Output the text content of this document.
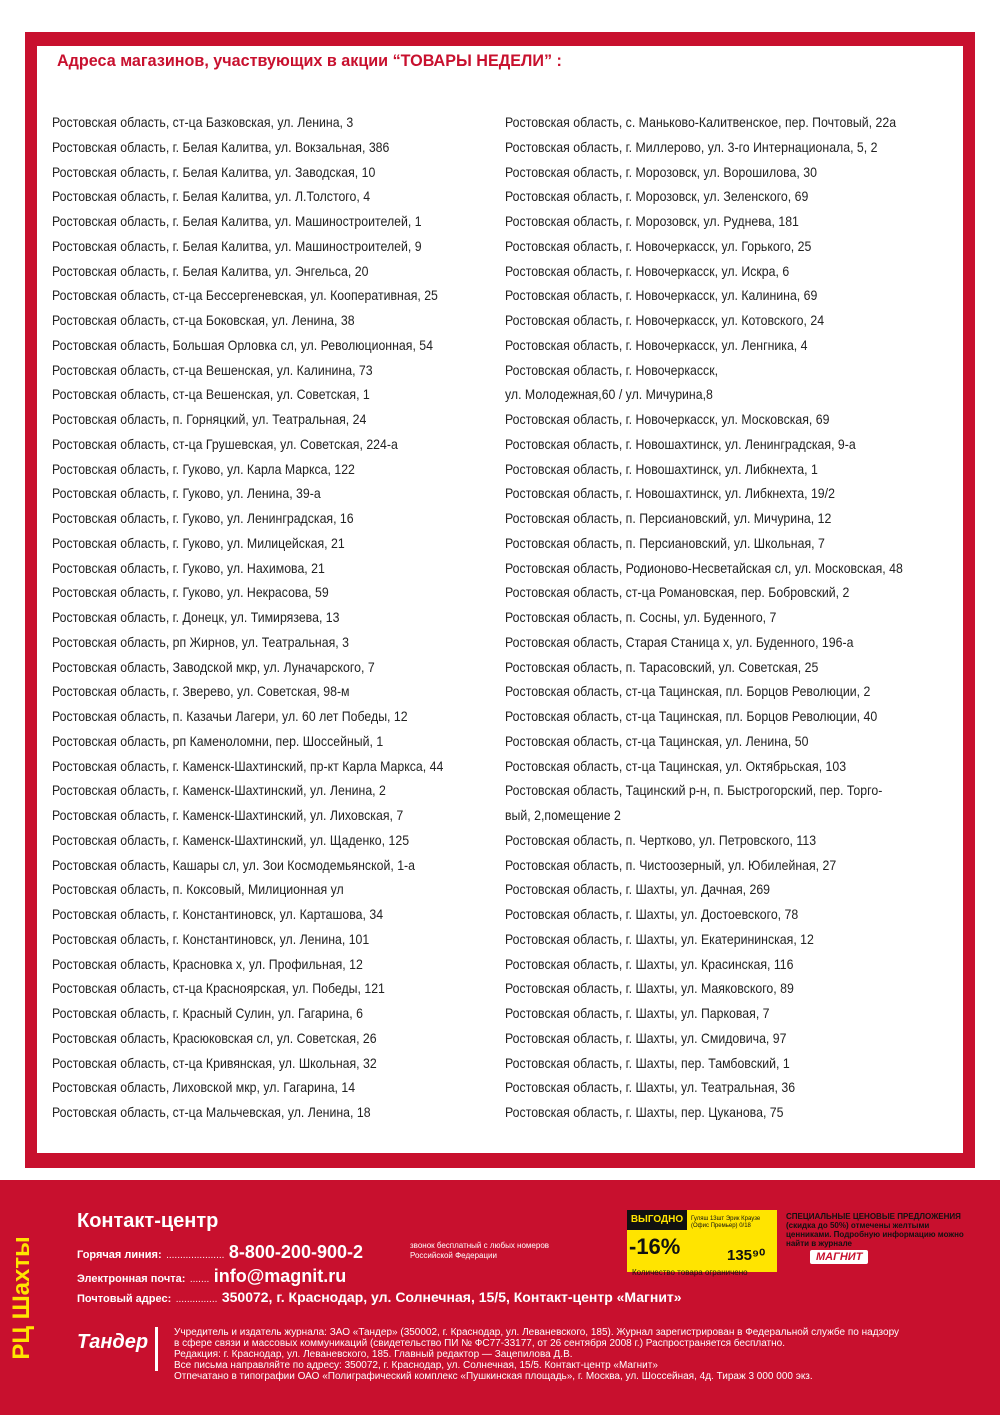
Адреса магазинов, участвующих в акции “ТОВАРЫ НЕДЕЛИ” :
Ростовская область, ст-ца Базковская, ул. Ленина, 3
Ростовская область, г. Белая Калитва, ул. Вокзальная, 386
Ростовская область, г. Белая Калитва, ул. Заводская, 10
Ростовская область, г. Белая Калитва, ул. Л.Толстого, 4
Ростовская область, г. Белая Калитва, ул. Машиностроителей, 1
Ростовская область, г. Белая Калитва, ул. Машиностроителей, 9
Ростовская область, г. Белая Калитва, ул. Энгельса, 20
Ростовская область, ст-ца Бессергеневская, ул. Кооперативная, 25
Ростовская область, ст-ца Боковская, ул. Ленина, 38
Ростовская область, Большая Орловка сл, ул. Революционная, 54
Ростовская область, ст-ца Вешенская, ул. Калинина, 73
Ростовская область, ст-ца Вешенская, ул. Советская, 1
Ростовская область, п. Горняцкий, ул. Театральная, 24
Ростовская область, ст-ца Грушевская, ул. Советская, 224-а
Ростовская область, г. Гуково, ул. Карла Маркса, 122
Ростовская область, г. Гуково, ул. Ленина, 39-а
Ростовская область, г. Гуково, ул. Ленинградская, 16
Ростовская область, г. Гуково, ул. Милицейская, 21
Ростовская область, г. Гуково, ул. Нахимова, 21
Ростовская область, г. Гуково, ул. Некрасова, 59
Ростовская область, г. Донецк, ул. Тимирязева, 13
Ростовская область, рп Жирнов, ул. Театральная, 3
Ростовская область, Заводской мкр, ул. Луначарского, 7
Ростовская область, г. Зверево, ул. Советская, 98-м
Ростовская область, п. Казачьи Лагери, ул. 60 лет Победы, 12
Ростовская область, рп Каменоломни, пер. Шоссейный, 1
Ростовская область, г. Каменск-Шахтинский, пр-кт Карла Маркса, 44
Ростовская область, г. Каменск-Шахтинский, ул. Ленина, 2
Ростовская область, г. Каменск-Шахтинский, ул. Лиховская, 7
Ростовская область, г. Каменск-Шахтинский, ул. Щаденко, 125
Ростовская область, Кашары сл, ул. Зои Космодемьянской, 1-а
Ростовская область, п. Коксовый, Милиционная ул
Ростовская область, г. Константиновск, ул. Карташова, 34
Ростовская область, г. Константиновск, ул. Ленина, 101
Ростовская область, Красновка х, ул. Профильная, 12
Ростовская область, ст-ца Красноярская, ул. Победы, 121
Ростовская область, г. Красный Сулин, ул. Гагарина, 6
Ростовская область, Красюковская сл, ул. Советская, 26
Ростовская область, ст-ца Кривянская, ул. Школьная, 32
Ростовская область, Лиховской мкр, ул. Гагарина, 14
Ростовская область, ст-ца Мальчевская, ул. Ленина, 18
Ростовская область, с. Маньково-Калитвенское, пер. Почтовый, 22а
Ростовская область, г. Миллерово, ул. 3-го Интернационала, 5, 2
Ростовская область, г. Морозовск, ул. Ворошилова, 30
Ростовская область, г. Морозовск, ул. Зеленского, 69
Ростовская область, г. Морозовск, ул. Руднева, 181
Ростовская область, г. Новочеркасск, ул. Горького, 25
Ростовская область, г. Новочеркасск, ул. Искра, 6
Ростовская область, г. Новочеркасск, ул. Калинина, 69
Ростовская область, г. Новочеркасск, ул. Котовского, 24
Ростовская область, г. Новочеркасск, ул. Ленгника, 4
Ростовская область, г. Новочеркасск,
ул. Молодежная,60 / ул. Мичурина,8
Ростовская область, г. Новочеркасск, ул. Московская, 69
Ростовская область, г. Новошахтинск, ул. Ленинградская, 9-а
Ростовская область, г. Новошахтинск, ул. Либкнехта, 1
Ростовская область, г. Новошахтинск, ул. Либкнехта, 19/2
Ростовская область, п. Персиановский, ул. Мичурина, 12
Ростовская область, п. Персиановский, ул. Школьная, 7
Ростовская область, Родионово-Несветайская сл, ул. Московская, 48
Ростовская область, ст-ца Романовская, пер. Бобровский, 2
Ростовская область, п. Сосны, ул. Буденного, 7
Ростовская область, Старая Станица х, ул. Буденного, 196-а
Ростовская область, п. Тарасовский, ул. Советская, 25
Ростовская область, ст-ца Тацинская, пл. Борцов Революции, 2
Ростовская область, ст-ца Тацинская, пл. Борцов Революции, 40
Ростовская область, ст-ца Тацинская, ул. Ленина, 50
Ростовская область, ст-ца Тацинская, ул. Октябрьская, 103
Ростовская область, Тацинский р-н, п. Быстрогорский, пер. Торго-
вый, 2,помещение 2
Ростовская область, п. Чертково, ул. Петровского, 113
Ростовская область, п. Чистоозерный, ул. Юбилейная, 27
Ростовская область, г. Шахты, ул. Дачная, 269
Ростовская область, г. Шахты, ул. Достоевского, 78
Ростовская область, г. Шахты, ул. Екатерининская, 12
Ростовская область, г. Шахты, ул. Красинская, 116
Ростовская область, г. Шахты, ул. Маяковского, 89
Ростовская область, г. Шахты, ул. Парковая, 7
Ростовская область, г. Шахты, ул. Смидовича, 97
Ростовская область, г. Шахты, пер. Тамбовский, 1
Ростовская область, г. Шахты, ул. Театральная, 36
Ростовская область, г. Шахты, пер. Цуканова, 75
РЦ Шахты
Контакт-центр
Горячая линия: ..................... 8-800-200-900-2	звонок бесплатный с любых номеров Российской Федерации
Электронная почта: ....... info@magnit.ru
Почтовый адрес: ............... 350072, г. Краснодар, ул. Солнечная, 15/5, Контакт-центр «Магнит»
Тандер	Учредитель и издатель журнала: ЗАО «Тандер» (350002, г. Краснодар, ул. Леваневского, 185). Журнал зарегистрирован в Федеральной службе по надзору
в сфере связи и массовых коммуникаций (свидетельство ПИ № ФС77-33177, от 26 сентября 2008 г.) Распространяется бесплатно.
Редакция: г. Краснодар, ул. Леваневского, 185. Главный редактор — Зацепилова Д.В.
Все письма направляйте по адресу: 350072, г. Краснодар, ул. Солнечная, 15/5. Контакт-центр «Магнит»
Отпечатано в типографии ОАО «Полиграфический комплекс «Пушкинская площадь», г. Москва, ул. Шоссейная, 4д. Тираж 3 000 000 экз.
ВЫГОДНО
-16%
Гуляш 13шт Эрик Краузе (Офис Премьер) 0/18
135⁹⁰
Количество товара ограничено
СПЕЦИАЛЬНЫЕ ЦЕНОВЫЕ ПРЕДЛОЖЕНИЯ (скидка до 50%) отмечены желтыми ценниками. Подробную информацию можно найти в журнале
МАГНИТ
